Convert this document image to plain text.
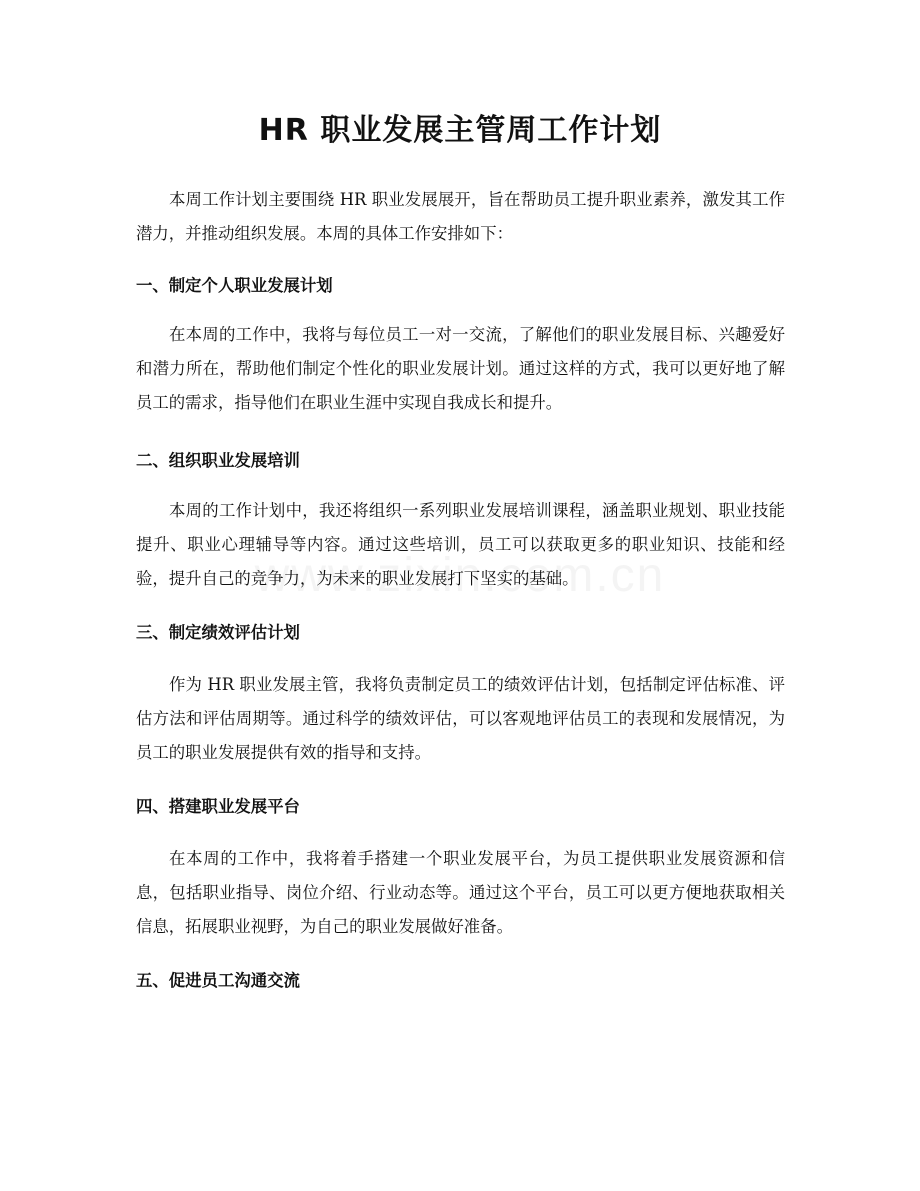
HR 职业发展主管周工作计划

本周工作计划主要围绕 HR 职业发展展开，旨在帮助员工提升职业素养，激发其工作潜力，并推动组织发展。本周的具体工作安排如下：

一、制定个人职业发展计划

在本周的工作中，我将与每位员工一对一交流，了解他们的职业发展目标、兴趣爱好和潜力所在，帮助他们制定个性化的职业发展计划。通过这样的方式，我可以更好地了解员工的需求，指导他们在职业生涯中实现自我成长和提升。

二、组织职业发展培训

本周的工作计划中，我还将组织一系列职业发展培训课程，涵盖职业规划、职业技能提升、职业心理辅导等内容。通过这些培训，员工可以获取更多的职业知识、技能和经验，提升自己的竞争力，为未来的职业发展打下坚实的基础。

三、制定绩效评估计划

作为 HR 职业发展主管，我将负责制定员工的绩效评估计划，包括制定评估标准、评估方法和评估周期等。通过科学的绩效评估，可以客观地评估员工的表现和发展情况，为员工的职业发展提供有效的指导和支持。

四、搭建职业发展平台

在本周的工作中，我将着手搭建一个职业发展平台，为员工提供职业发展资源和信息，包括职业指导、岗位介绍、行业动态等。通过这个平台，员工可以更方便地获取相关信息，拓展职业视野，为自己的职业发展做好准备。

五、促进员工沟通交流
